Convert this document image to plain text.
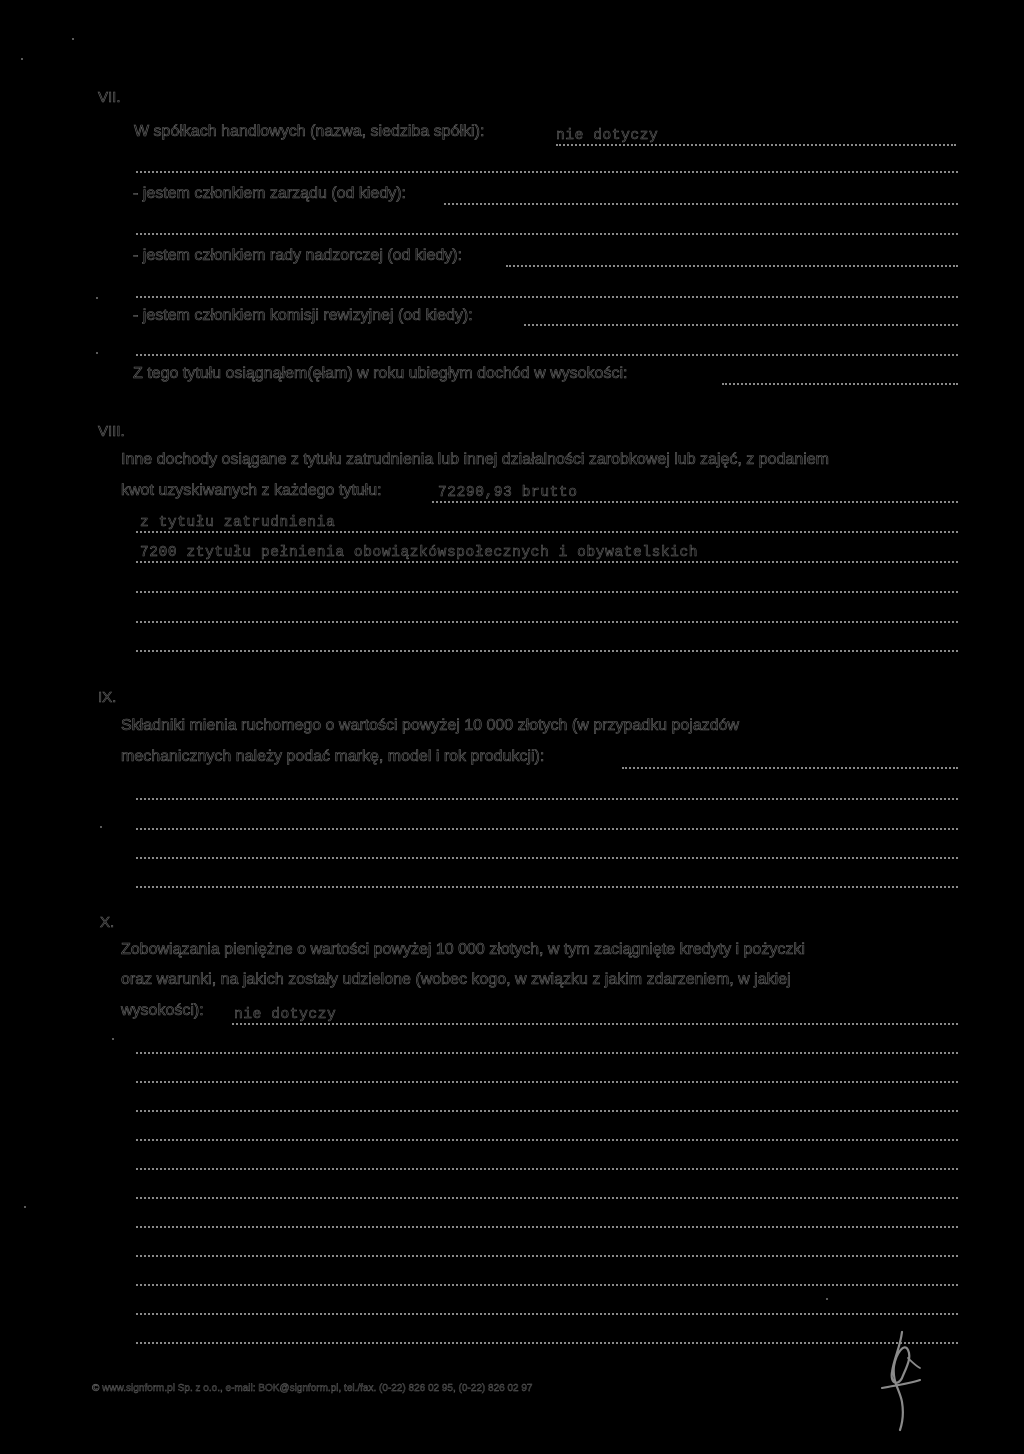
VII.
W spółkach handlowych (nazwa, siedziba spółki):	nie dotyczy
- jestem członkiem zarządu (od kiedy):
- jestem członkiem rady nadzorczej (od kiedy):
- jestem członkiem komisji rewizyjnej (od kiedy):
Z tego tytułu osiągnąłem(ęłam) w roku ubiegłym dochód w wysokości:
VIII.
Inne dochody osiągane z tytułu zatrudnienia lub innej działalności zarobkowej lub zajęć, z podaniem
kwot uzyskiwanych z każdego tytułu:	72290,93 brutto
z tytułu zatrudnienia
7200 ztytułu pełnienia obowiązkówspołecznych i obywatelskich
IX.
Składniki mienia ruchomego o wartości powyżej 10 000 złotych (w przypadku pojazdów
mechanicznych należy podać markę, model i rok produkcji):
X.
Zobowiązania pieniężne o wartości powyżej 10 000 złotych, w tym zaciągnięte kredyty i pożyczki
oraz warunki, na jakich zostały udzielone (wobec kogo, w związku z jakim zdarzeniem, w jakiej
wysokości): nie dotyczy
© www.signform.pl Sp. z o.o., e-mail: BOK@signform.pl, tel./fax. (0-22) 826 02 95, (0-22) 826 02 97
